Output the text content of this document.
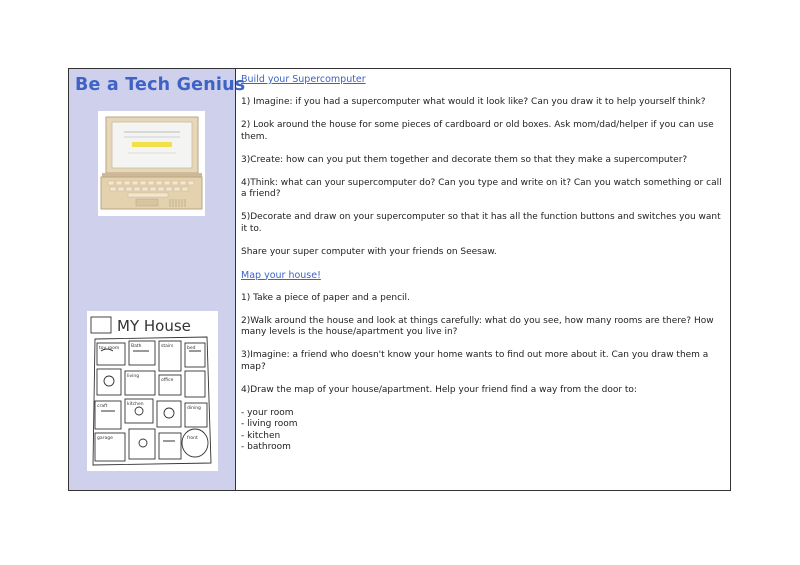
Be a Tech Genius
MY House
toy room	Bath	stairs	bed
living
office
craft	kitchen
dining
garage	front
Build your Supercomputer

1) Imagine: if you had a supercomputer what would it look like? Can you draw it to help yourself think?

2) Look around the house for some pieces of cardboard or old boxes. Ask mom/dad/helper if you can use them.

3)Create: how can you put them together and decorate them so that they make a supercomputer?

4)Think: what can your supercomputer do? Can you type and write on it? Can you watch something or call a friend?

5)Decorate and draw on your supercomputer so that it has all the function buttons and switches you want it to.

Share your super computer with your friends on Seesaw.

Map your house!

1) Take a piece of paper and a pencil.

2)Walk around the house and look at things carefully: what do you see, how many rooms are there? How many levels is the house/apartment you live in?

3)Imagine: a friend who doesn't know your home wants to find out more about it. Can you draw them a map?

4)Draw the map of your house/apartment. Help your friend find a way from the door to:

- your room
- living room
- kitchen
- bathroom
